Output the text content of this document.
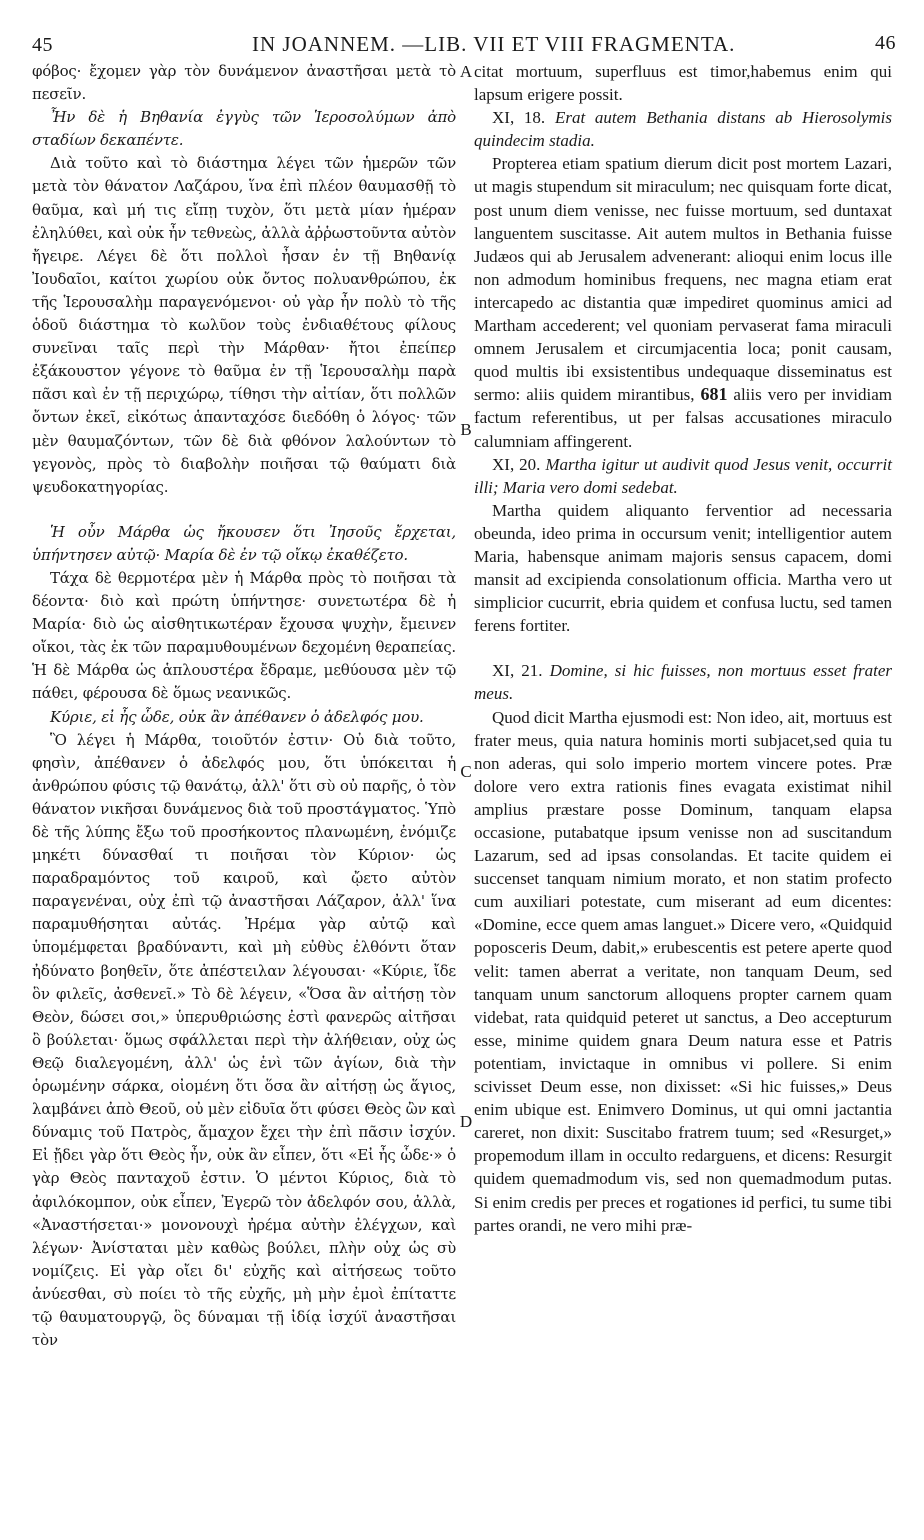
45	IN JOANNEM. —LIB. VII ET VIII FRAGMENTA.	46

φόβος· ἔχομεν γὰρ τὸν δυνάμενον ἀναστῆσαι μετὰ τὸ πεσεῖν.

Ἦν δὲ ἡ Βηθανία ἐγγὺς τῶν Ἱεροσολύμων ἀπὸ σταδίων δεκαπέντε.

Διὰ τοῦτο καὶ τὸ διάστημα λέγει τῶν ἡμερῶν τῶν μετὰ τὸν θάνατον Λαζάρου, ἵνα ἐπὶ πλέον θαυμασθῇ τὸ θαῦμα, καὶ μή τις εἴπῃ τυχὸν, ὅτι μετὰ μίαν ἡμέραν ἐληλύθει, καὶ οὐκ ἦν τεθνεὼς, ἀλλὰ ἀῤῥωστοῦντα αὐτὸν ἤγειρε. Λέγει δὲ ὅτι πολλοὶ ἦσαν ἐν τῇ Βηθανίᾳ Ἰουδαῖοι, καίτοι χωρίου οὐκ ὄντος πολυανθρώπου, ἐκ τῆς Ἱερουσαλὴμ παραγενόμενοι· οὐ γὰρ ἦν πολὺ τὸ τῆς ὁδοῦ διάστημα τὸ κωλῦον τοὺς ἐνδιαθέτους φίλους συνεῖναι ταῖς περὶ τὴν Μάρθαν· ἤτοι ἐπείπερ ἐξάκουστον γέγονε τὸ θαῦμα ἐν τῇ Ἱερουσαλὴμ παρὰ πᾶσι καὶ ἐν τῇ περιχώρῳ, τίθησι τὴν αἰτίαν, ὅτι πολλῶν ὄντων ἐκεῖ, εἰκότως ἁπανταχόσε διεδόθη ὁ λόγος· τῶν μὲν θαυμαζόντων, τῶν δὲ διὰ φθόνον λαλούντων τὸ γεγονὸς, πρὸς τὸ διαβολὴν ποιῆσαι τῷ θαύματι διὰ ψευδοκατηγορίας.

Ἡ οὖν Μάρθα ὡς ἤκουσεν ὅτι Ἰησοῦς ἔρχεται, ὑπήντησεν αὐτῷ· Μαρία δὲ ἐν τῷ οἴκῳ ἐκαθέζετο.

Τάχα δὲ θερμοτέρα μὲν ἡ Μάρθα πρὸς τὸ ποιῆσαι τὰ δέοντα· διὸ καὶ πρώτη ὑπήντησε· συνετωτέρα δὲ ἡ Μαρία· διὸ ὡς αἰσθητικωτέραν ἔχουσα ψυχὴν, ἔμεινεν οἴκοι, τὰς ἐκ τῶν παραμυθουμένων δεχομένη θεραπείας. Ἡ δὲ Μάρθα ὡς ἁπλουστέρα ἔδραμε, μεθύουσα μὲν τῷ πάθει, φέρουσα δὲ ὅμως νεανικῶς.

Κύριε, εἰ ἦς ὧδε, οὐκ ἂν ἀπέθανεν ὁ ἀδελφός μου.

Ὃ λέγει ἡ Μάρθα, τοιοῦτόν ἐστιν· Οὐ διὰ τοῦτο, φησὶν, ἀπέθανεν ὁ ἀδελφός μου, ὅτι ὑπόκειται ἡ ἀνθρώπου φύσις τῷ θανάτῳ, ἀλλ' ὅτι σὺ οὐ παρῆς, ὁ τὸν θάνατον νικῆσαι δυνάμενος διὰ τοῦ προστάγματος. Ὑπὸ δὲ τῆς λύπης ἔξω τοῦ προσήκοντος πλανωμένη, ἐνόμιζε μηκέτι δύνασθαί τι ποιῆσαι τὸν Κύριον· ὡς παραδραμόντος τοῦ καιροῦ, καὶ ᾤετο αὐτὸν παραγενέναι, οὐχ ἐπὶ τῷ ἀναστῆσαι Λάζαρον, ἀλλ' ἵνα παραμυθήσηται αὐτάς. Ἠρέμα γὰρ αὐτῷ καὶ ὑπομέμφεται βραδύναντι, καὶ μὴ εὐθὺς ἐλθόντι ὅταν ἠδύνατο βοηθεῖν, ὅτε ἀπέστειλαν λέγουσαι· «Κύριε, ἴδε ὃν φιλεῖς, ἀσθενεῖ.» Τὸ δὲ λέγειν, «Ὅσα ἂν αἰτήσῃ τὸν Θεὸν, δώσει σοι,» ὑπερυθριώσης ἐστὶ φανερῶς αἰτῆσαι ὃ βούλεται· ὅμως σφάλλεται περὶ τὴν ἀλήθειαν, οὐχ ὡς Θεῷ διαλεγομένη, ἀλλ' ὡς ἑνὶ τῶν ἁγίων, διὰ τὴν ὁρωμένην σάρκα, οἰομένη ὅτι ὅσα ἂν αἰτήσῃ ὡς ἅγιος, λαμβάνει ἀπὸ Θεοῦ, οὐ μὲν εἰδυῖα ὅτι φύσει Θεὸς ὢν καὶ δύναμις τοῦ Πατρὸς, ἄμαχον ἔχει τὴν ἐπὶ πᾶσιν ἰσχύν. Εἰ ᾔδει γὰρ ὅτι Θεὸς ἦν, οὐκ ἂν εἶπεν, ὅτι «Εἰ ἦς ὧδε·» ὁ γὰρ Θεὸς πανταχοῦ ἐστιν. Ὁ μέντοι Κύριος, διὰ τὸ ἀφιλόκομπον, οὐκ εἶπεν, Ἐγερῶ τὸν ἀδελφόν σου, ἀλλὰ, «Ἀναστήσεται·» μονονουχὶ ἠρέμα αὐτὴν ἐλέγχων, καὶ λέγων· Ἀνίσταται μὲν καθὼς βούλει, πλὴν οὐχ ὡς σὺ νομίζεις. Εἰ γὰρ οἴει δι' εὐχῆς καὶ αἰτήσεως τοῦτο ἀνύεσθαι, σὺ ποίει τὸ τῆς εὐχῆς, μὴ μὴν ἐμοὶ ἐπίταττε τῷ θαυματουργῷ, ὃς δύναμαι τῇ ἰδίᾳ ἰσχύϊ ἀναστῆσαι τὸν

A
B
C
D

citat mortuum, superfluus est timor,habemus enim qui lapsum erigere possit.

XI, 18. Erat autem Bethania distans ab Hierosolymis quindecim stadia.

Propterea etiam spatium dierum dicit post mortem Lazari, ut magis stupendum sit miraculum; nec quisquam forte dicat, post unum diem venisse, nec fuisse mortuum, sed duntaxat languentem suscitasse. Ait autem multos in Bethania fuisse Judæos qui ab Jerusalem advenerant: alioqui enim locus ille non admodum hominibus frequens, nec magna etiam erat intercapedo ac distantia quæ impediret quominus amici ad Martham accederent; vel quoniam pervaserat fama miraculi omnem Jerusalem et circumjacentia loca; ponit causam, quod multis ibi exsistentibus undequaque disseminatus est sermo: aliis quidem mirantibus, 681 aliis vero per invidiam factum referentibus, ut per falsas accusationes miraculo calumniam affingerent.

XI, 20. Martha igitur ut audivit quod Jesus venit, occurrit illi; Maria vero domi sedebat.

Martha quidem aliquanto ferventior ad necessaria obeunda, ideo prima in occursum venit; intelligentior autem Maria, habensque animam majoris sensus capacem, domi mansit ad excipienda consolationum officia. Martha vero ut simplicior cucurrit, ebria quidem et confusa luctu, sed tamen ferens fortiter.

XI, 21. Domine, si hic fuisses, non mortuus esset frater meus.

Quod dicit Martha ejusmodi est: Non ideo, ait, mortuus est frater meus, quia natura hominis morti subjacet,sed quia tu non aderas, qui solo imperio mortem vincere potes. Præ dolore vero extra rationis fines evagata existimat nihil amplius præstare posse Dominum, tanquam elapsa occasione, putabatque ipsum venisse non ad suscitandum Lazarum, sed ad ipsas consolandas. Et tacite quidem ei succenset tanquam nimium morato, et non statim profecto cum auxiliari potestate, cum miserant ad eum dicentes: «Domine, ecce quem amas languet.» Dicere vero, «Quidquid poposceris Deum, dabit,» erubescentis est petere aperte quod velit: tamen aberrat a veritate, non tanquam Deum, sed tanquam unum sanctorum alloquens propter carnem quam videbat, rata quidquid peteret ut sanctus, a Deo accepturum esse, minime quidem gnara Deum natura esse et Patris potentiam, invictaque in omnibus vi pollere. Si enim scivisset Deum esse, non dixisset: «Si hic fuisses,» Deus enim ubique est. Enimvero Dominus, ut qui omni jactantia careret, non dixit: Suscitabo fratrem tuum; sed «Resurget,» propemodum illam in occulto redarguens, et dicens: Resurgit quidem quemadmodum vis, sed non quemadmodum putas. Si enim credis per preces et rogationes id perfici, tu sume tibi partes orandi, ne vero mihi præ-
